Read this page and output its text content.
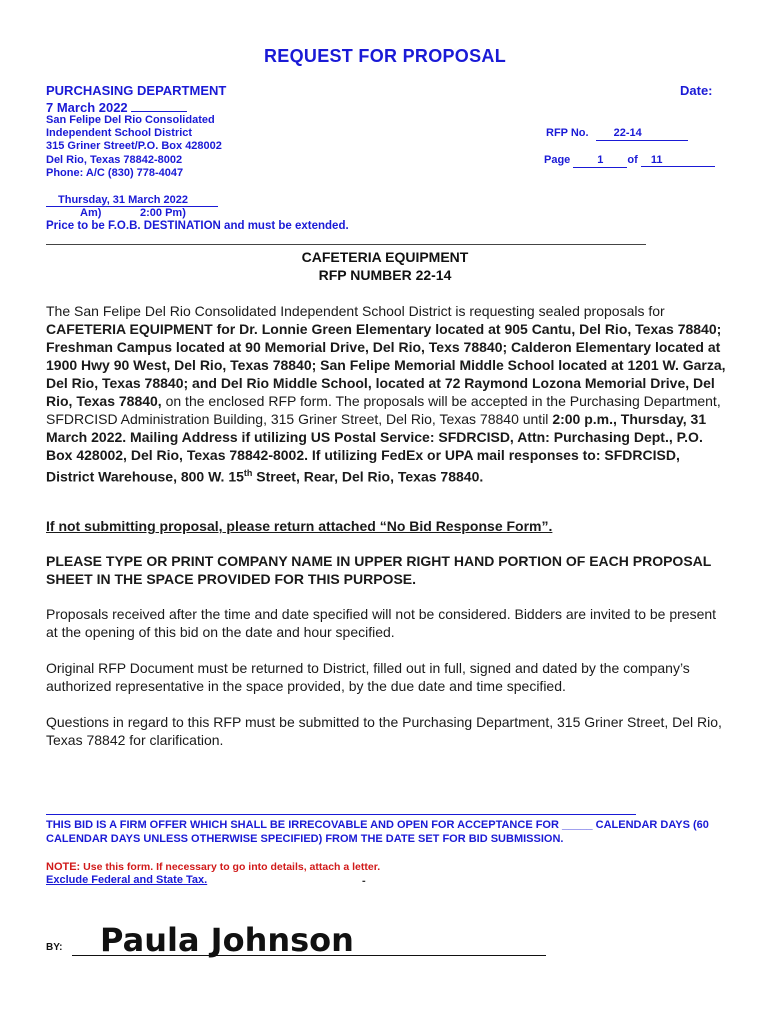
REQUEST FOR PROPOSAL
PURCHASING DEPARTMENT
7 March 2022
San Felipe Del Rio Consolidated
Independent School District
315 Griner Street/P.O. Box 428002
Del Rio, Texas 78842-8002
Phone: A/C (830) 778-4047
Date:
RFP No. 22-14
Page 1 of 11
Thursday, 31 March 2022
Am)	2:00 Pm)
Price to be F.O.B. DESTINATION and must be extended.
CAFETERIA EQUIPMENT
RFP NUMBER 22-14

The San Felipe Del Rio Consolidated Independent School District is requesting sealed proposals for CAFETERIA EQUIPMENT for Dr. Lonnie Green Elementary located at 905 Cantu, Del Rio, Texas 78840; Freshman Campus located at 90 Memorial Drive, Del Rio, Texs 78840; Calderon Elementary located at 1900 Hwy 90 West, Del Rio, Texas 78840; San Felipe Memorial Middle School located at 1201 W. Garza, Del Rio, Texas 78840; and Del Rio Middle School, located at 72 Raymond Lozona Memorial Drive, Del Rio, Texas 78840, on the enclosed RFP form. The proposals will be accepted in the Purchasing Department, SFDRCISD Administration Building, 315 Griner Street, Del Rio, Texas 78840 until 2:00 p.m., Thursday, 31 March 2022. Mailing Address if utilizing US Postal Service: SFDRCISD, Attn: Purchasing Dept., P.O. Box 428002, Del Rio, Texas 78842-8002. If utilizing FedEx or UPA mail responses to: SFDRCISD, District Warehouse, 800 W. 15th Street, Rear, Del Rio, Texas 78840.

If not submitting proposal, please return attached “No Bid Response Form”.
PLEASE TYPE OR PRINT COMPANY NAME IN UPPER RIGHT HAND PORTION OF EACH PROPOSAL SHEET IN THE SPACE PROVIDED FOR THIS PURPOSE.
Proposals received after the time and date specified will not be considered. Bidders are invited to be present at the opening of this bid on the date and hour specified.
Original RFP Document must be returned to District, filled out in full, signed and dated by the company’s authorized representative in the space provided, by the due date and time specified.
Questions in regard to this RFP must be submitted to the Purchasing Department, 315 Griner Street, Del Rio, Texas 78842 for clarification.
THIS BID IS A FIRM OFFER WHICH SHALL BE IRRECOVABLE AND OPEN FOR ACCEPTANCE FOR _____ CALENDAR DAYS (60 CALENDAR DAYS UNLESS OTHERWISE SPECIFIED) FROM THE DATE SET FOR BID SUBMISSION.
NOTE: Use this form. If necessary to go into details, attach a letter.
Exclude Federal and State Tax.	-
BY: Paula Johnson
